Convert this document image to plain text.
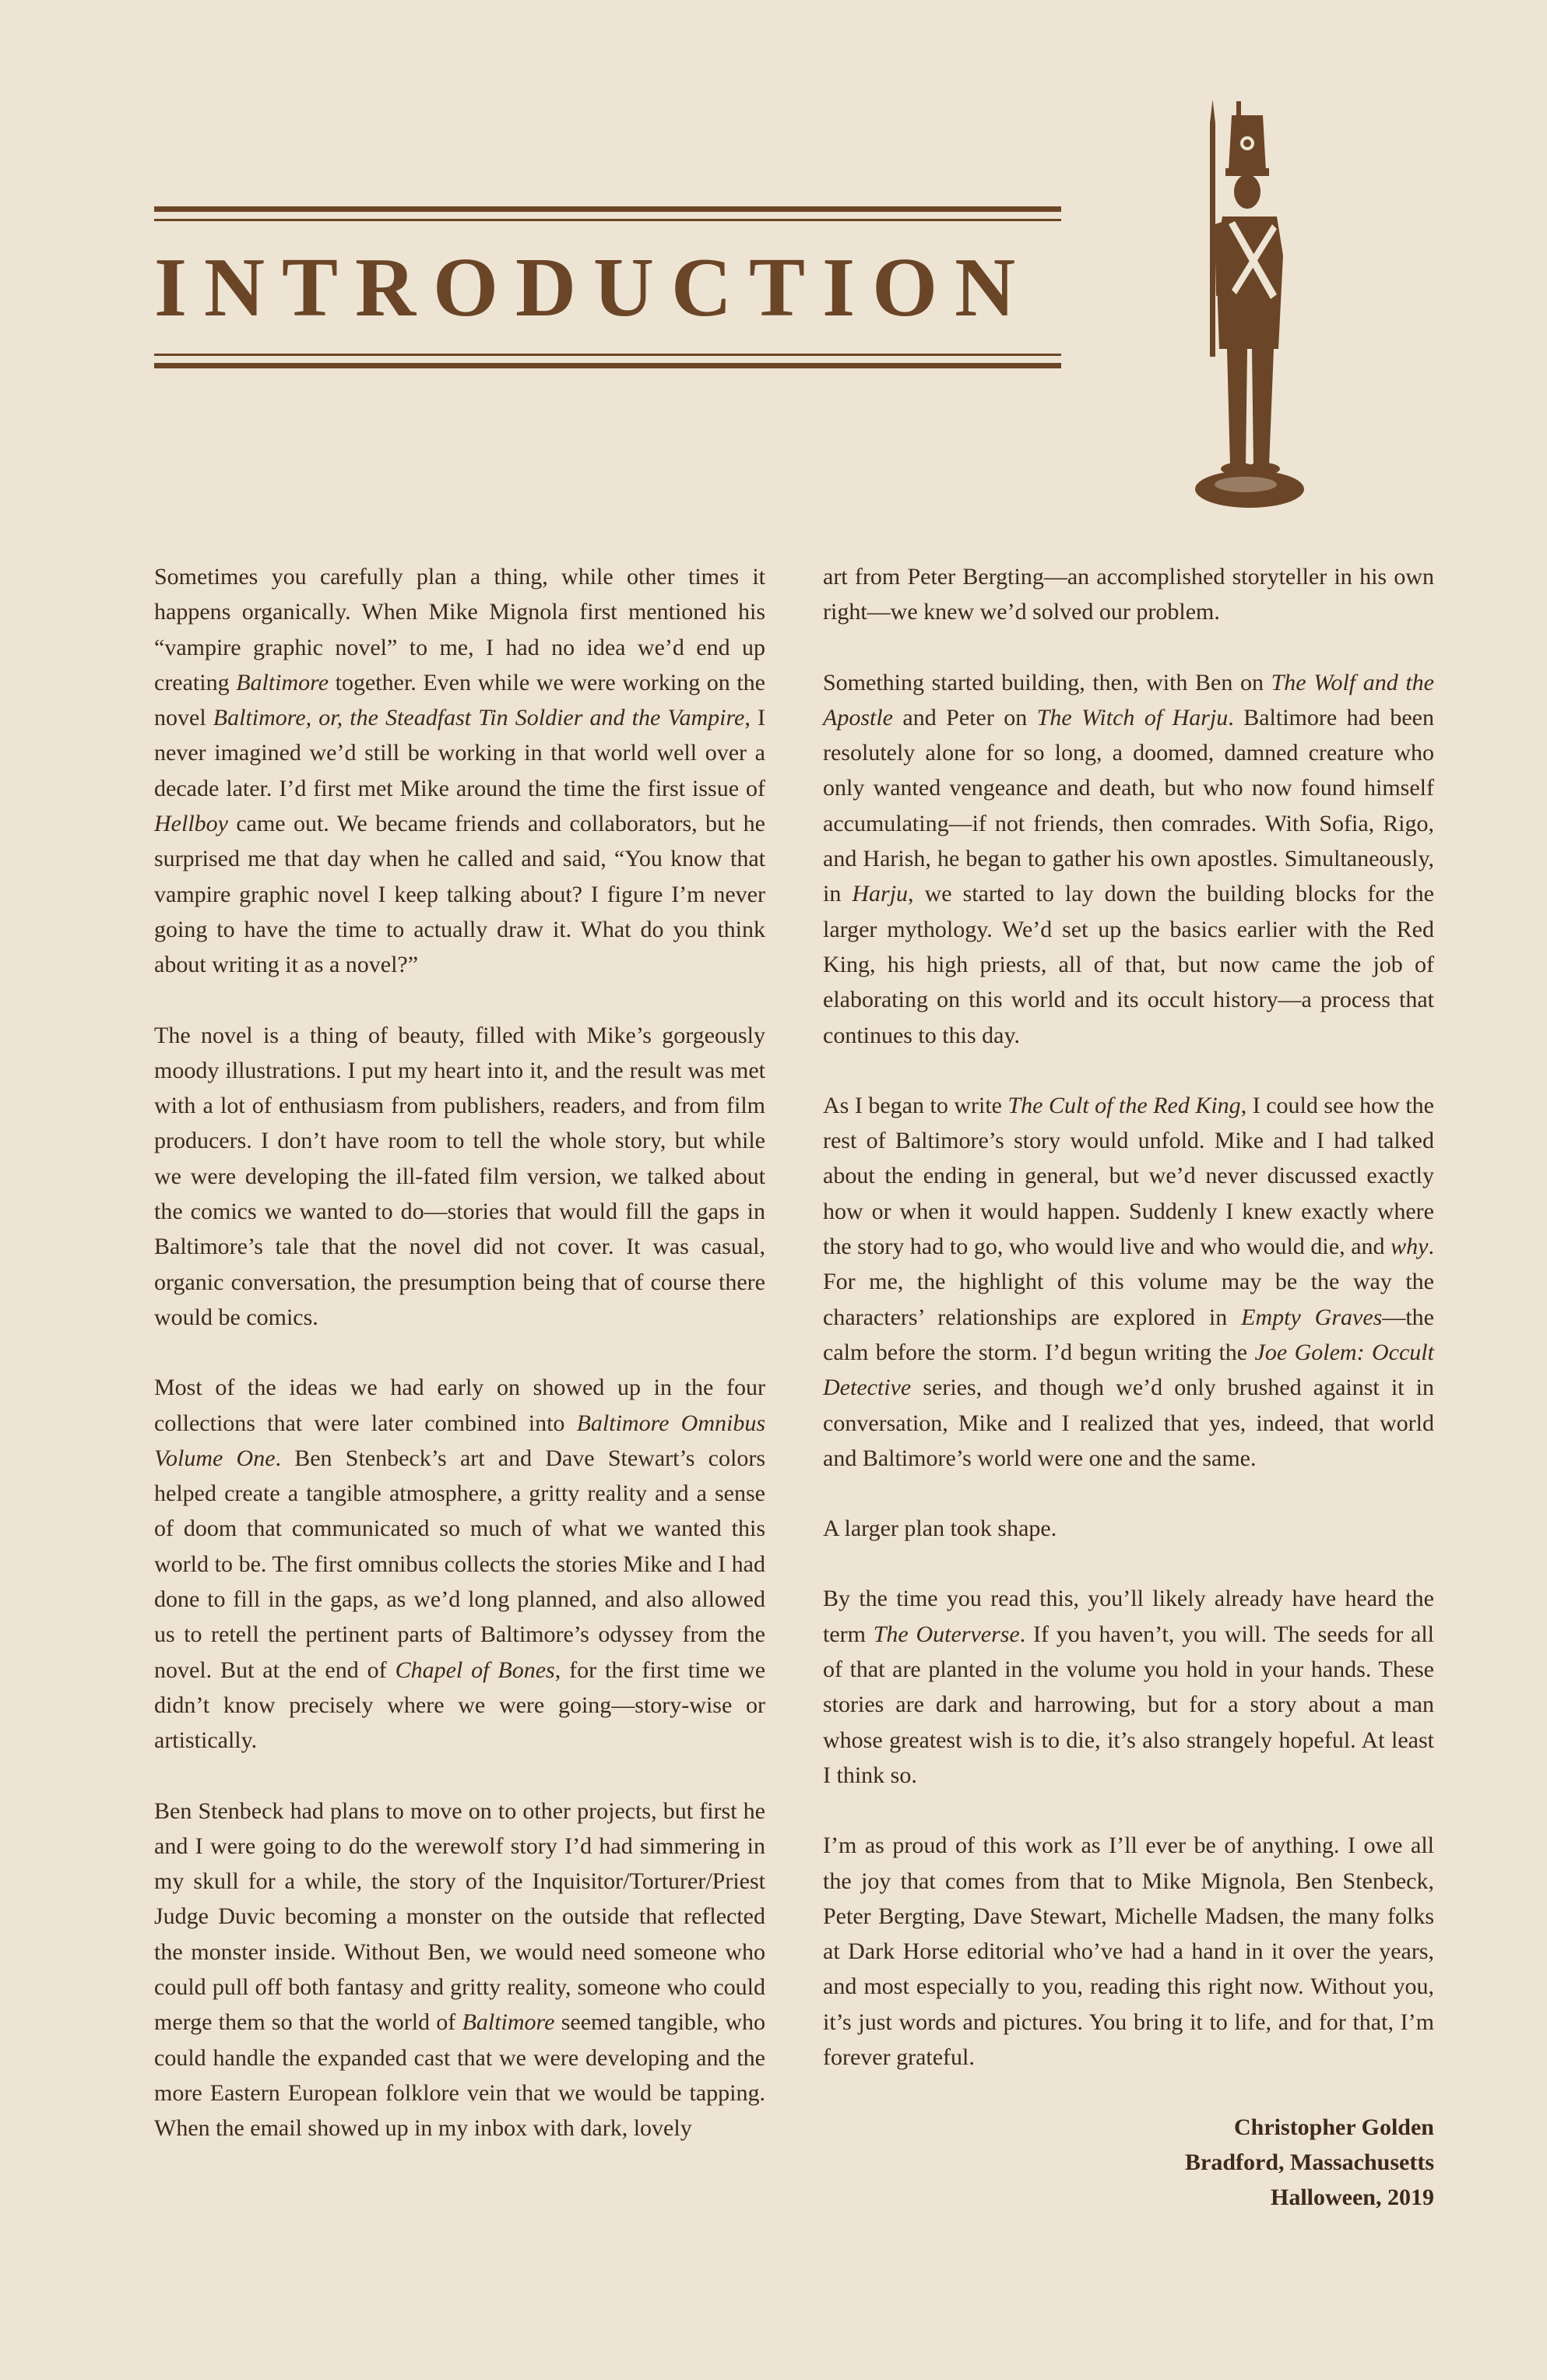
INTRODUCTION

Sometimes you carefully plan a thing, while other times it happens organically. When Mike Mignola first mentioned his “vampire graphic novel” to me, I had no idea we’d end up creating Baltimore together. Even while we were working on the novel Baltimore, or, the Steadfast Tin Soldier and the Vampire, I never imagined we’d still be working in that world well over a decade later. I’d first met Mike around the time the first issue of Hellboy came out. We became friends and collaborators, but he surprised me that day when he called and said, “You know that vampire graphic novel I keep talking about? I figure I’m never going to have the time to actually draw it. What do you think about writing it as a novel?”

The novel is a thing of beauty, filled with Mike’s gorgeously moody illustrations. I put my heart into it, and the result was met with a lot of enthusiasm from publishers, readers, and from film producers. I don’t have room to tell the whole story, but while we were developing the ill-fated film version, we talked about the comics we wanted to do—stories that would fill the gaps in Baltimore’s tale that the novel did not cover. It was casual, organic conversation, the presumption being that of course there would be comics.

Most of the ideas we had early on showed up in the four collections that were later combined into Baltimore Omnibus Volume One. Ben Stenbeck’s art and Dave Stewart’s colors helped create a tangible atmosphere, a gritty reality and a sense of doom that communicated so much of what we wanted this world to be. The first omnibus collects the stories Mike and I had done to fill in the gaps, as we’d long planned, and also allowed us to retell the pertinent parts of Baltimore’s odyssey from the novel. But at the end of Chapel of Bones, for the first time we didn’t know precisely where we were going—story-wise or artistically.

Ben Stenbeck had plans to move on to other projects, but first he and I were going to do the werewolf story I’d had simmering in my skull for a while, the story of the Inquisitor/Torturer/Priest Judge Duvic becoming a monster on the outside that reflected the monster inside. Without Ben, we would need someone who could pull off both fantasy and gritty reality, someone who could merge them so that the world of Baltimore seemed tangible, who could handle the expanded cast that we were developing and the more Eastern European folklore vein that we would be tapping. When the email showed up in my inbox with dark, lovely

art from Peter Bergting—an accomplished storyteller in his own right—we knew we’d solved our problem.

Something started building, then, with Ben on The Wolf and the Apostle and Peter on The Witch of Harju. Baltimore had been resolutely alone for so long, a doomed, damned creature who only wanted vengeance and death, but who now found himself accumulating—if not friends, then comrades. With Sofia, Rigo, and Harish, he began to gather his own apostles. Simultaneously, in Harju, we started to lay down the building blocks for the larger mythology. We’d set up the basics earlier with the Red King, his high priests, all of that, but now came the job of elaborating on this world and its occult history—a process that continues to this day.

As I began to write The Cult of the Red King, I could see how the rest of Baltimore’s story would unfold. Mike and I had talked about the ending in general, but we’d never discussed exactly how or when it would happen. Suddenly I knew exactly where the story had to go, who would live and who would die, and why. For me, the highlight of this volume may be the way the characters’ relationships are explored in Empty Graves—the calm before the storm. I’d begun writing the Joe Golem: Occult Detective series, and though we’d only brushed against it in conversation, Mike and I realized that yes, indeed, that world and Baltimore’s world were one and the same.

A larger plan took shape.

By the time you read this, you’ll likely already have heard the term The Outerverse. If you haven’t, you will. The seeds for all of that are planted in the volume you hold in your hands. These stories are dark and harrowing, but for a story about a man whose greatest wish is to die, it’s also strangely hopeful. At least I think so.

I’m as proud of this work as I’ll ever be of anything. I owe all the joy that comes from that to Mike Mignola, Ben Stenbeck, Peter Bergting, Dave Stewart, Michelle Madsen, the many folks at Dark Horse editorial who’ve had a hand in it over the years, and most especially to you, reading this right now. Without you, it’s just words and pictures. You bring it to life, and for that, I’m forever grateful.

Christopher Golden
Bradford, Massachusetts
Halloween, 2019
